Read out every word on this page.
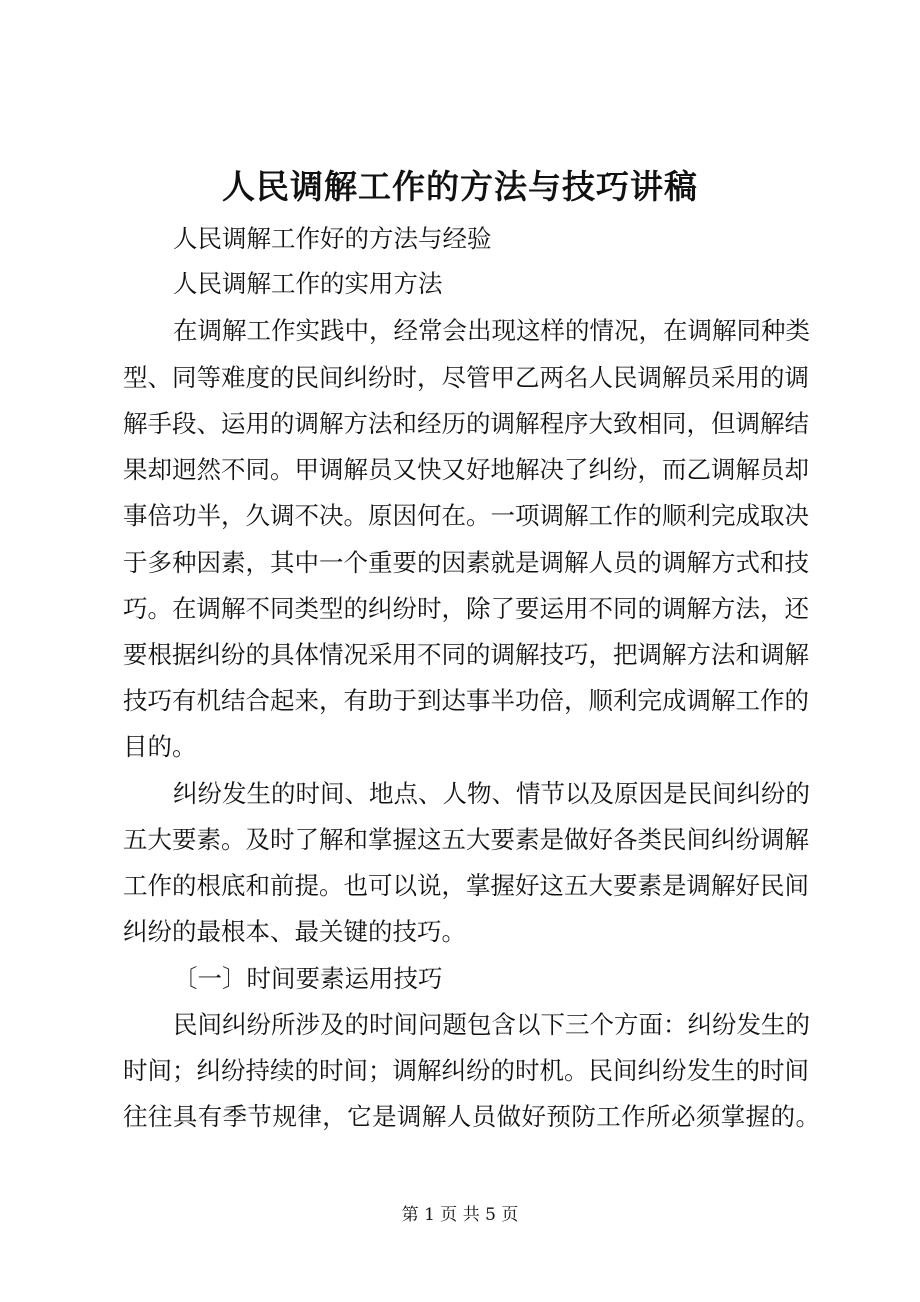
人民调解工作的方法与技巧讲稿
人民调解工作好的方法与经验
人民调解工作的实用方法
在调解工作实践中，经常会出现这样的情况，在调解同种类
型、同等难度的民间纠纷时，尽管甲乙两名人民调解员采用的调
解手段、运用的调解方法和经历的调解程序大致相同，但调解结
果却迥然不同。甲调解员又快又好地解决了纠纷，而乙调解员却
事倍功半，久调不决。原因何在。一项调解工作的顺利完成取决
于多种因素，其中一个重要的因素就是调解人员的调解方式和技
巧。在调解不同类型的纠纷时，除了要运用不同的调解方法，还
要根据纠纷的具体情况采用不同的调解技巧，把调解方法和调解
技巧有机结合起来，有助于到达事半功倍，顺利完成调解工作的
目的。
纠纷发生的时间、地点、人物、情节以及原因是民间纠纷的
五大要素。及时了解和掌握这五大要素是做好各类民间纠纷调解
工作的根底和前提。也可以说，掌握好这五大要素是调解好民间
纠纷的最根本、最关键的技巧。
〔一〕时间要素运用技巧
民间纠纷所涉及的时间问题包含以下三个方面：纠纷发生的
时间；纠纷持续的时间；调解纠纷的时机。民间纠纷发生的时间
往往具有季节规律，它是调解人员做好预防工作所必须掌握的。
第 1 页 共 5 页
